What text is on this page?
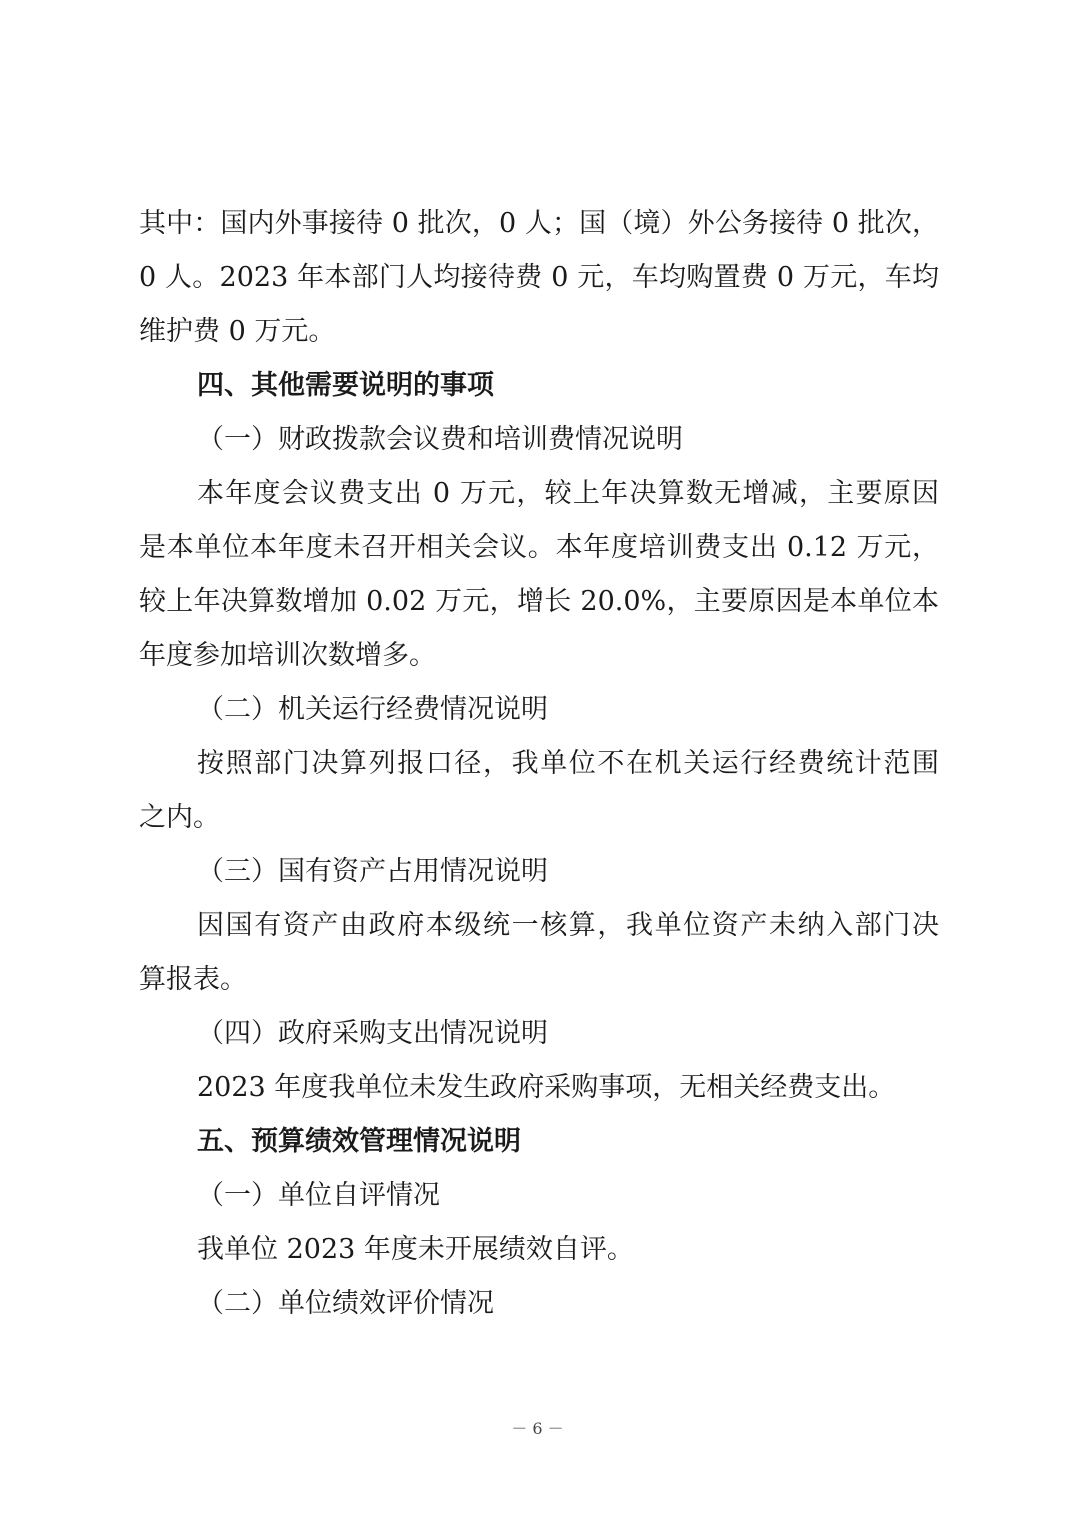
其中：国内外事接待 0 批次，0 人；国（境）外公务接待 0 批次，
0 人。2023 年本部门人均接待费 0 元，车均购置费 0 万元，车均
维护费 0 万元。
四、其他需要说明的事项
（一）财政拨款会议费和培训费情况说明
本年度会议费支出 0 万元，较上年决算数无增减，主要原因
是本单位本年度未召开相关会议。本年度培训费支出 0.12 万元，
较上年决算数增加 0.02 万元，增长 20.0%，主要原因是本单位本
年度参加培训次数增多。
（二）机关运行经费情况说明
按照部门决算列报口径，我单位不在机关运行经费统计范围
之内。
（三）国有资产占用情况说明
因国有资产由政府本级统一核算，我单位资产未纳入部门决
算报表。
（四）政府采购支出情况说明
2023 年度我单位未发生政府采购事项，无相关经费支出。
五、预算绩效管理情况说明
（一）单位自评情况
我单位 2023 年度未开展绩效自评。
（二）单位绩效评价情况
－ 6 －
